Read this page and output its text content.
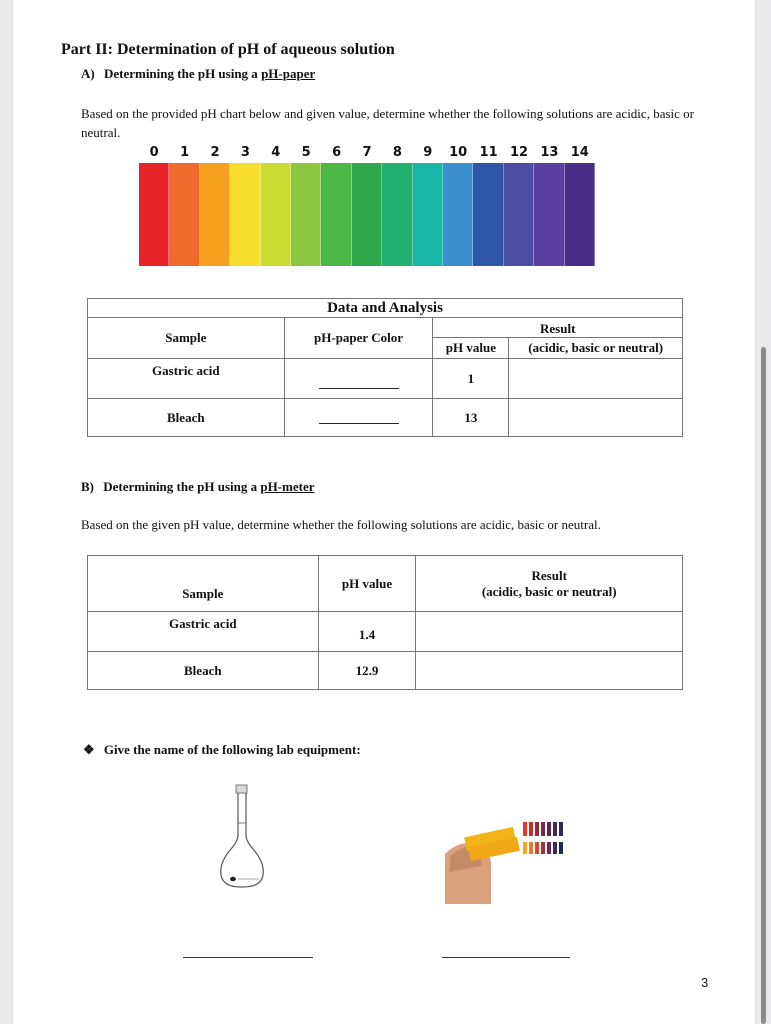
Part II: Determination of pH of aqueous solution
A) Determining the pH using a pH-paper
Based on the provided pH chart below and given value, determine whether the following solutions are acidic, basic or neutral.
0	1	2	3	4	5	6	7	8	9	10 11 12 13 14
Data and Analysis			
Sample	pH-paper Color	Result	
		pH value	(acidic, basic or neutral)
Gastric acid		1	
Bleach		13	
B) Determining the pH using a pH-meter
Based on the given pH value, determine whether the following solutions are acidic, basic or neutral.
Sample	pH value	Result
(acidic, basic or neutral)

Gastric acid	1.4	
Bleach	12.9	
❖ Give the name of the following lab equipment:
3
